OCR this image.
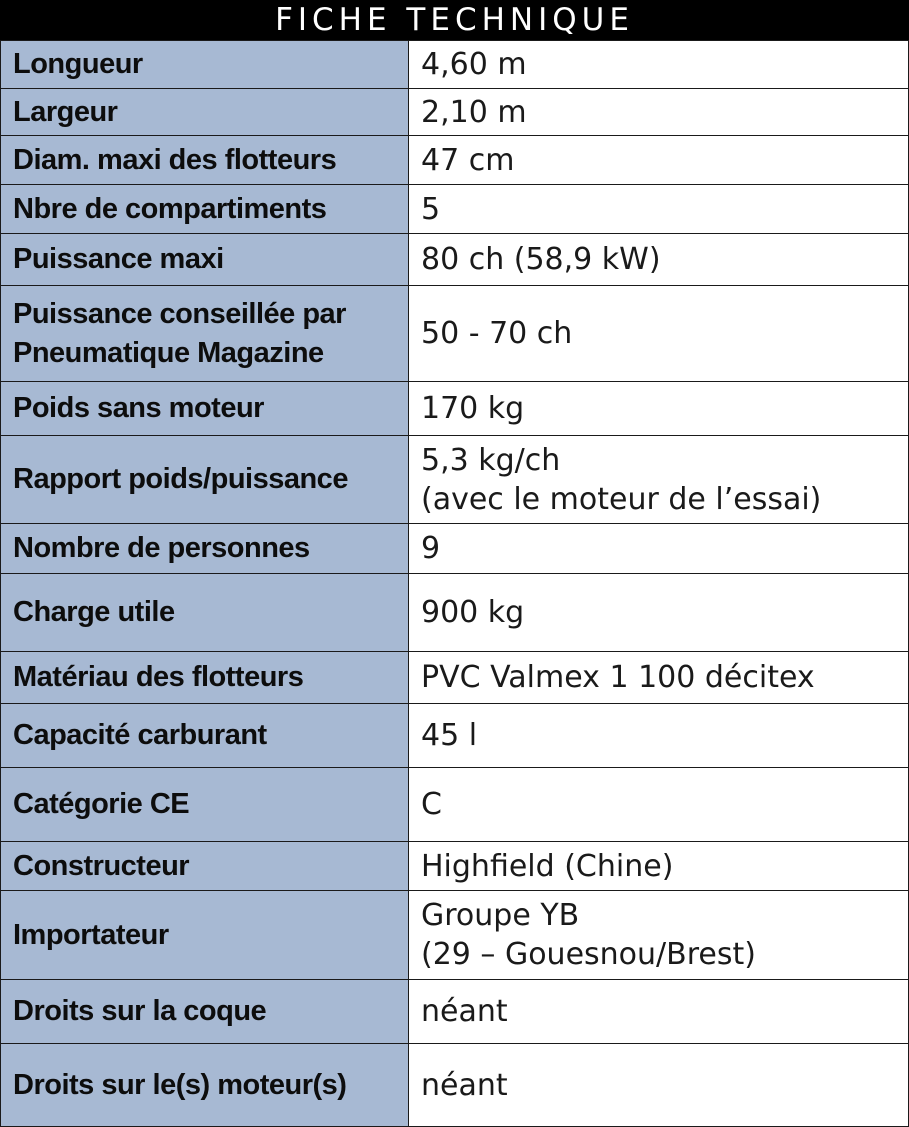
FICHE TECHNIQUE
Longueur	4,60 m
Largeur	2,10 m
Diam. maxi des flotteurs	47 cm
Nbre de compartiments	5
Puissance maxi	80 ch (58,9 kW)

Puissance conseillée par
Pneumatique Magazine	50 - 70 ch
Poids sans moteur	170 kg
Rapport poids/puissance	5,3 kg/ch
(avec le moteur de l’essai)

Nombre de personnes	9
Charge utile	900 kg
Matériau des flotteurs	PVC Valmex 1 100 décitex
Capacité carburant	45 l
Catégorie CE	C
Constructeur	Highfield (Chine)
Importateur	Groupe YB
(29 – Gouesnou/Brest)

Droits sur la coque	néant
Droits sur le(s) moteur(s)	néant
